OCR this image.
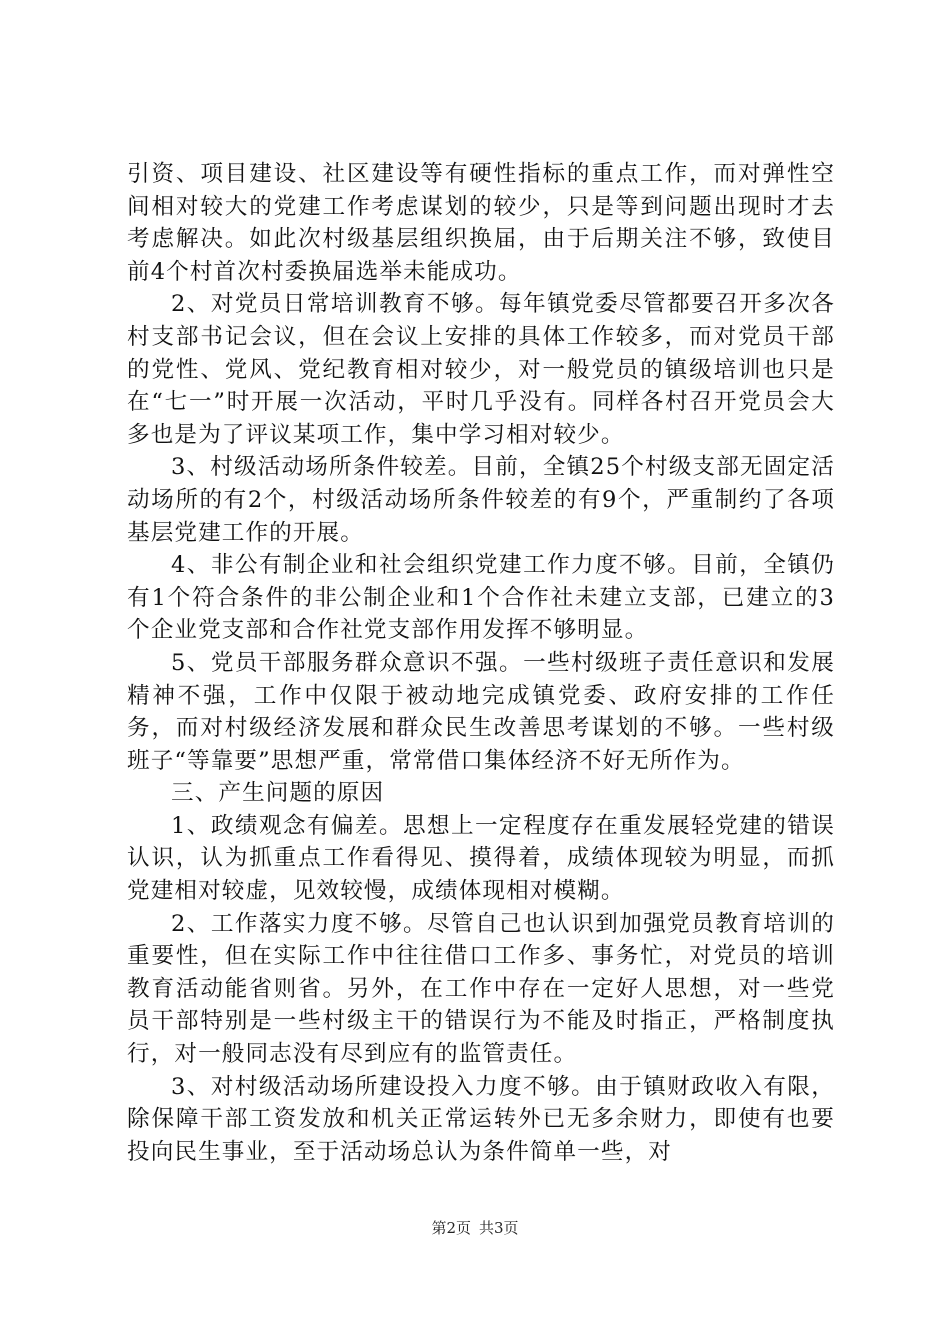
引资、项目建设、社区建设等有硬性指标的重点工作，而对弹性空间相对较大的党建工作考虑谋划的较少，只是等到问题出现时才去考虑解决。如此次村级基层组织换届，由于后期关注不够，致使目前4个村首次村委换届选举未能成功。

2、对党员日常培训教育不够。每年镇党委尽管都要召开多次各村支部书记会议，但在会议上安排的具体工作较多，而对党员干部的党性、党风、党纪教育相对较少，对一般党员的镇级培训也只是在“七一”时开展一次活动，平时几乎没有。同样各村召开党员会大多也是为了评议某项工作，集中学习相对较少。

3、村级活动场所条件较差。目前，全镇25个村级支部无固定活动场所的有2个，村级活动场所条件较差的有9个，严重制约了各项基层党建工作的开展。

4、非公有制企业和社会组织党建工作力度不够。目前，全镇仍有1个符合条件的非公制企业和1个合作社未建立支部，已建立的3个企业党支部和合作社党支部作用发挥不够明显。

5、党员干部服务群众意识不强。一些村级班子责任意识和发展精神不强，工作中仅限于被动地完成镇党委、政府安排的工作任务，而对村级经济发展和群众民生改善思考谋划的不够。一些村级班子“等靠要”思想严重，常常借口集体经济不好无所作为。

三、产生问题的原因

1、政绩观念有偏差。思想上一定程度存在重发展轻党建的错误认识，认为抓重点工作看得见、摸得着，成绩体现较为明显，而抓党建相对较虚，见效较慢，成绩体现相对模糊。

2、工作落实力度不够。尽管自己也认识到加强党员教育培训的重要性，但在实际工作中往往借口工作多、事务忙，对党员的培训教育活动能省则省。另外，在工作中存在一定好人思想，对一些党员干部特别是一些村级主干的错误行为不能及时指正，严格制度执行，对一般同志没有尽到应有的监管责任。

3、对村级活动场所建设投入力度不够。由于镇财政收入有限，除保障干部工资发放和机关正常运转外已无多余财力，即使有也要投向民生事业，至于活动场总认为条件简单一些，对

第2页 共3页
